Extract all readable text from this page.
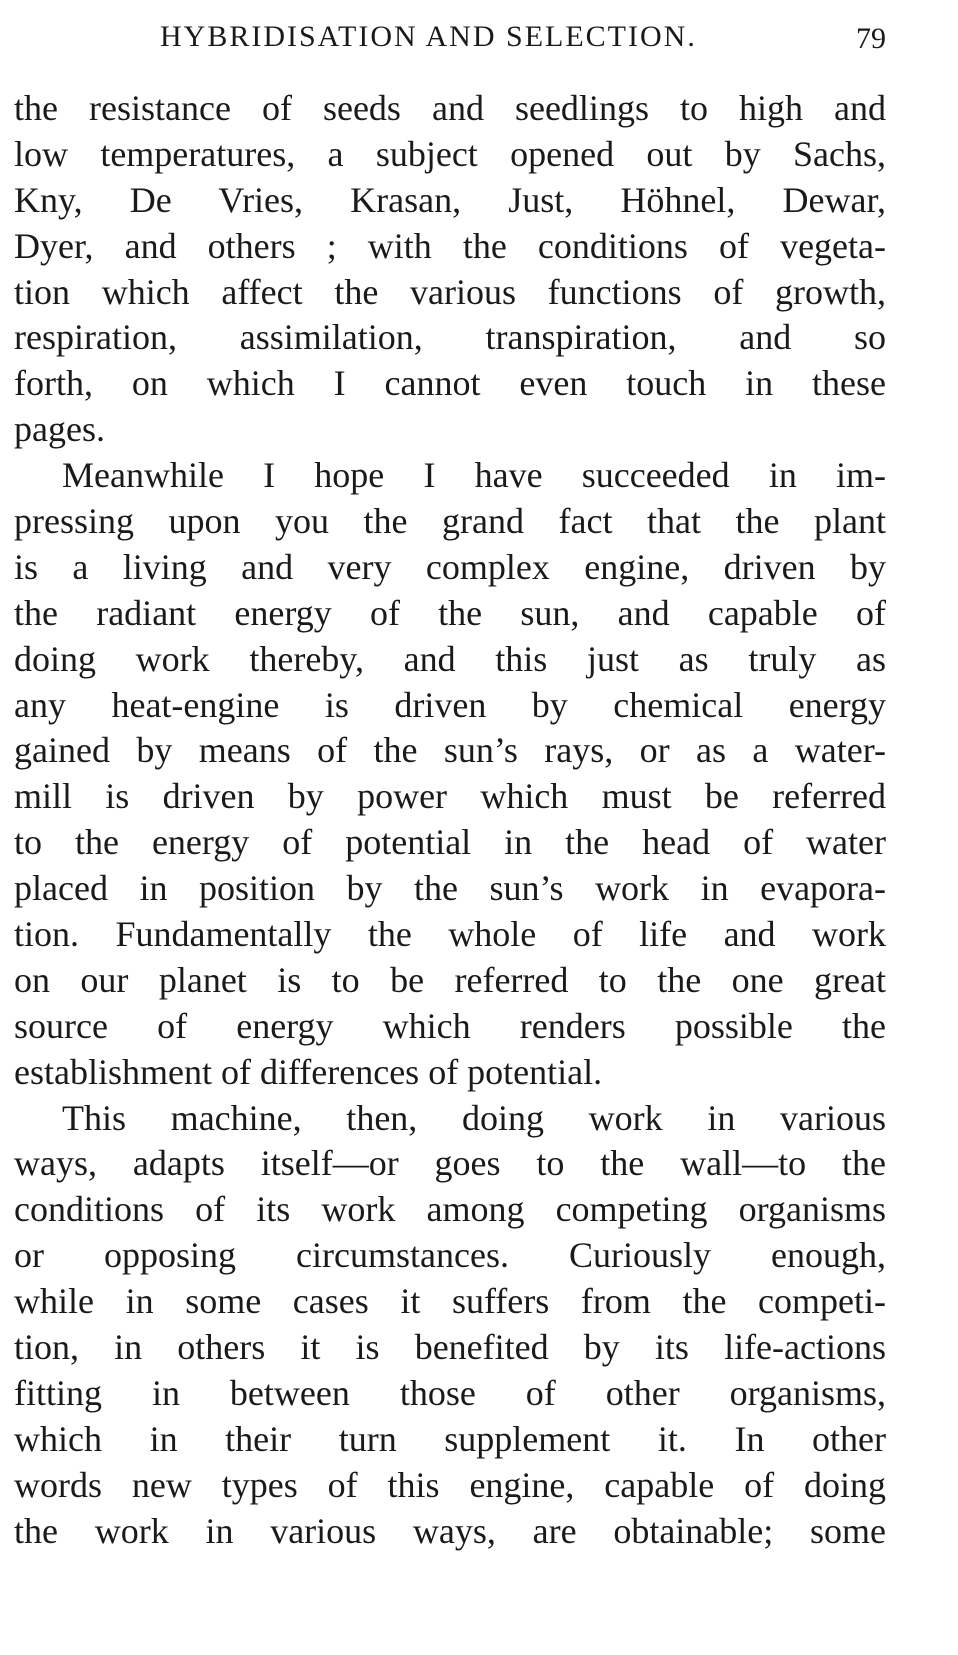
HYBRIDISATION AND SELECTION.	79
the resistance of seeds and seedlings to high and
low temperatures, a subject opened out by Sachs,
Kny, De Vries, Krasan, Just, Höhnel, Dewar,
Dyer, and others ; with the conditions of vegeta-
tion which affect the various functions of growth,
respiration, assimilation, transpiration, and so
forth, on which I cannot even touch in these
pages.
Meanwhile I hope I have succeeded in im-
pressing upon you the grand fact that the plant
is a living and very complex engine, driven by
the radiant energy of the sun, and capable of
doing work thereby, and this just as truly as
any heat-engine is driven by chemical energy
gained by means of the sun’s rays, or as a water-
mill is driven by power which must be referred
to the energy of potential in the head of water
placed in position by the sun’s work in evapora-
tion. Fundamentally the whole of life and work
on our planet is to be referred to the one great
source of energy which renders possible the
establishment of differences of potential.
This machine, then, doing work in various
ways, adapts itself—or goes to the wall—to the
conditions of its work among competing organisms
or opposing circumstances. Curiously enough,
while in some cases it suffers from the competi-
tion, in others it is benefited by its life-actions
fitting in between those of other organisms,
which in their turn supplement it. In other
words new types of this engine, capable of doing
the work in various ways, are obtainable; some
